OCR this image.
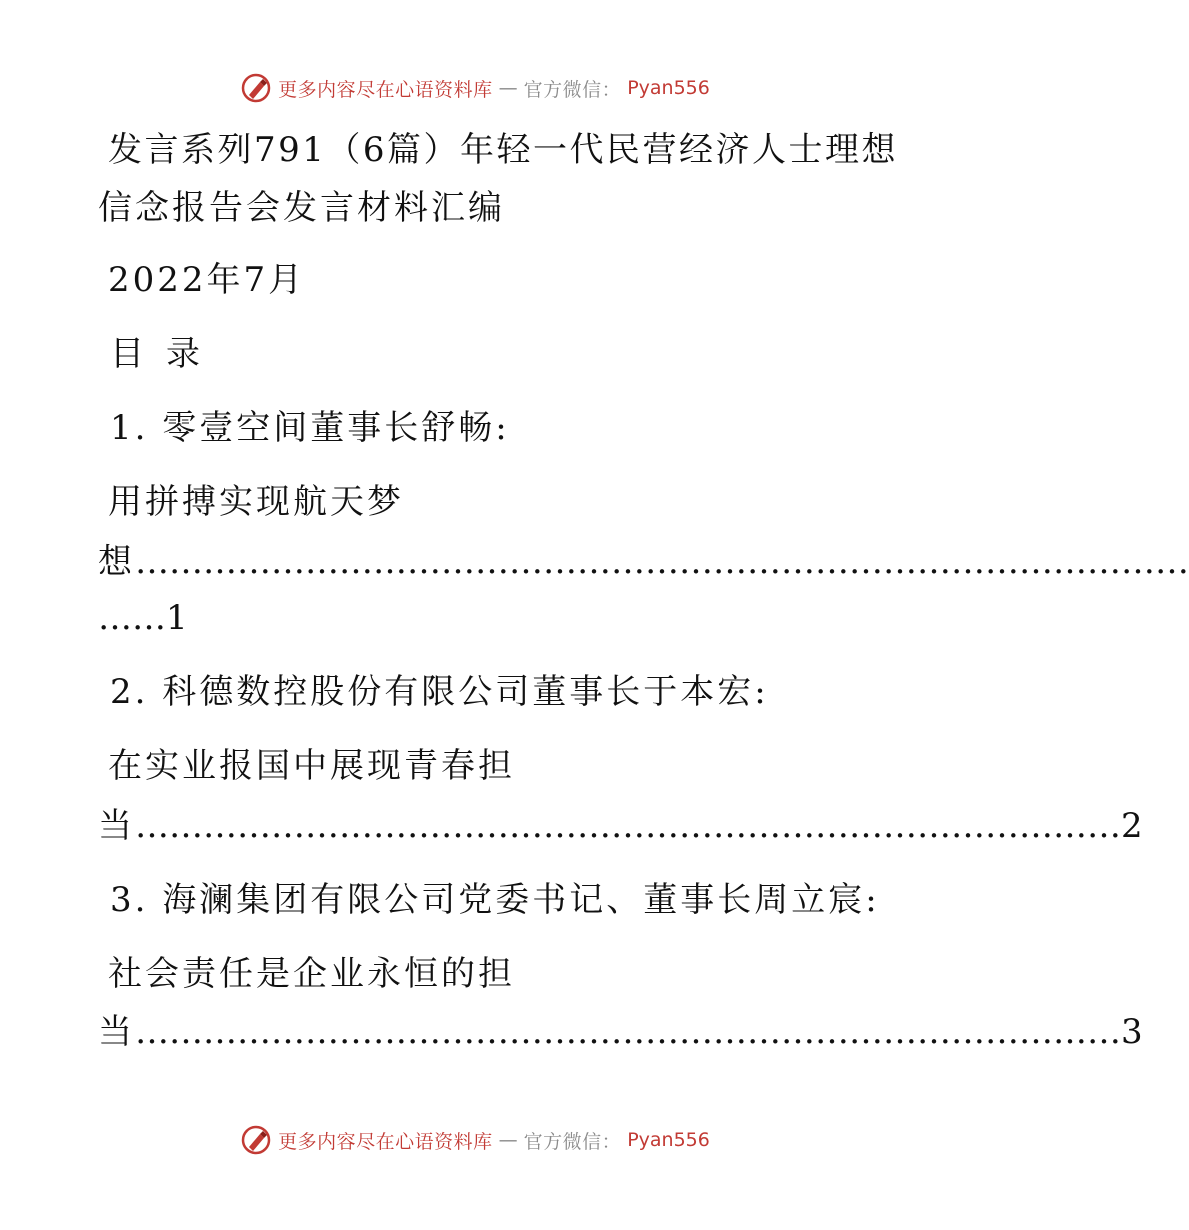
更多内容尽在心语资料库 — 官方微信： Pyan556
发言系列791（6篇）年轻一代民营经济人士理想
信念报告会发言材料汇编
2022年7月
目 录
1. 零壹空间董事长舒畅:
用拼搏实现航天梦
想…………………………………………………………………………………
……1
2. 科德数控股份有限公司董事长于本宏:
在实业报国中展现青春担
当……………………………………………………………………………2
3. 海澜集团有限公司党委书记、董事长周立宸:
社会责任是企业永恒的担
当……………………………………………………………………………3
更多内容尽在心语资料库 — 官方微信： Pyan556
